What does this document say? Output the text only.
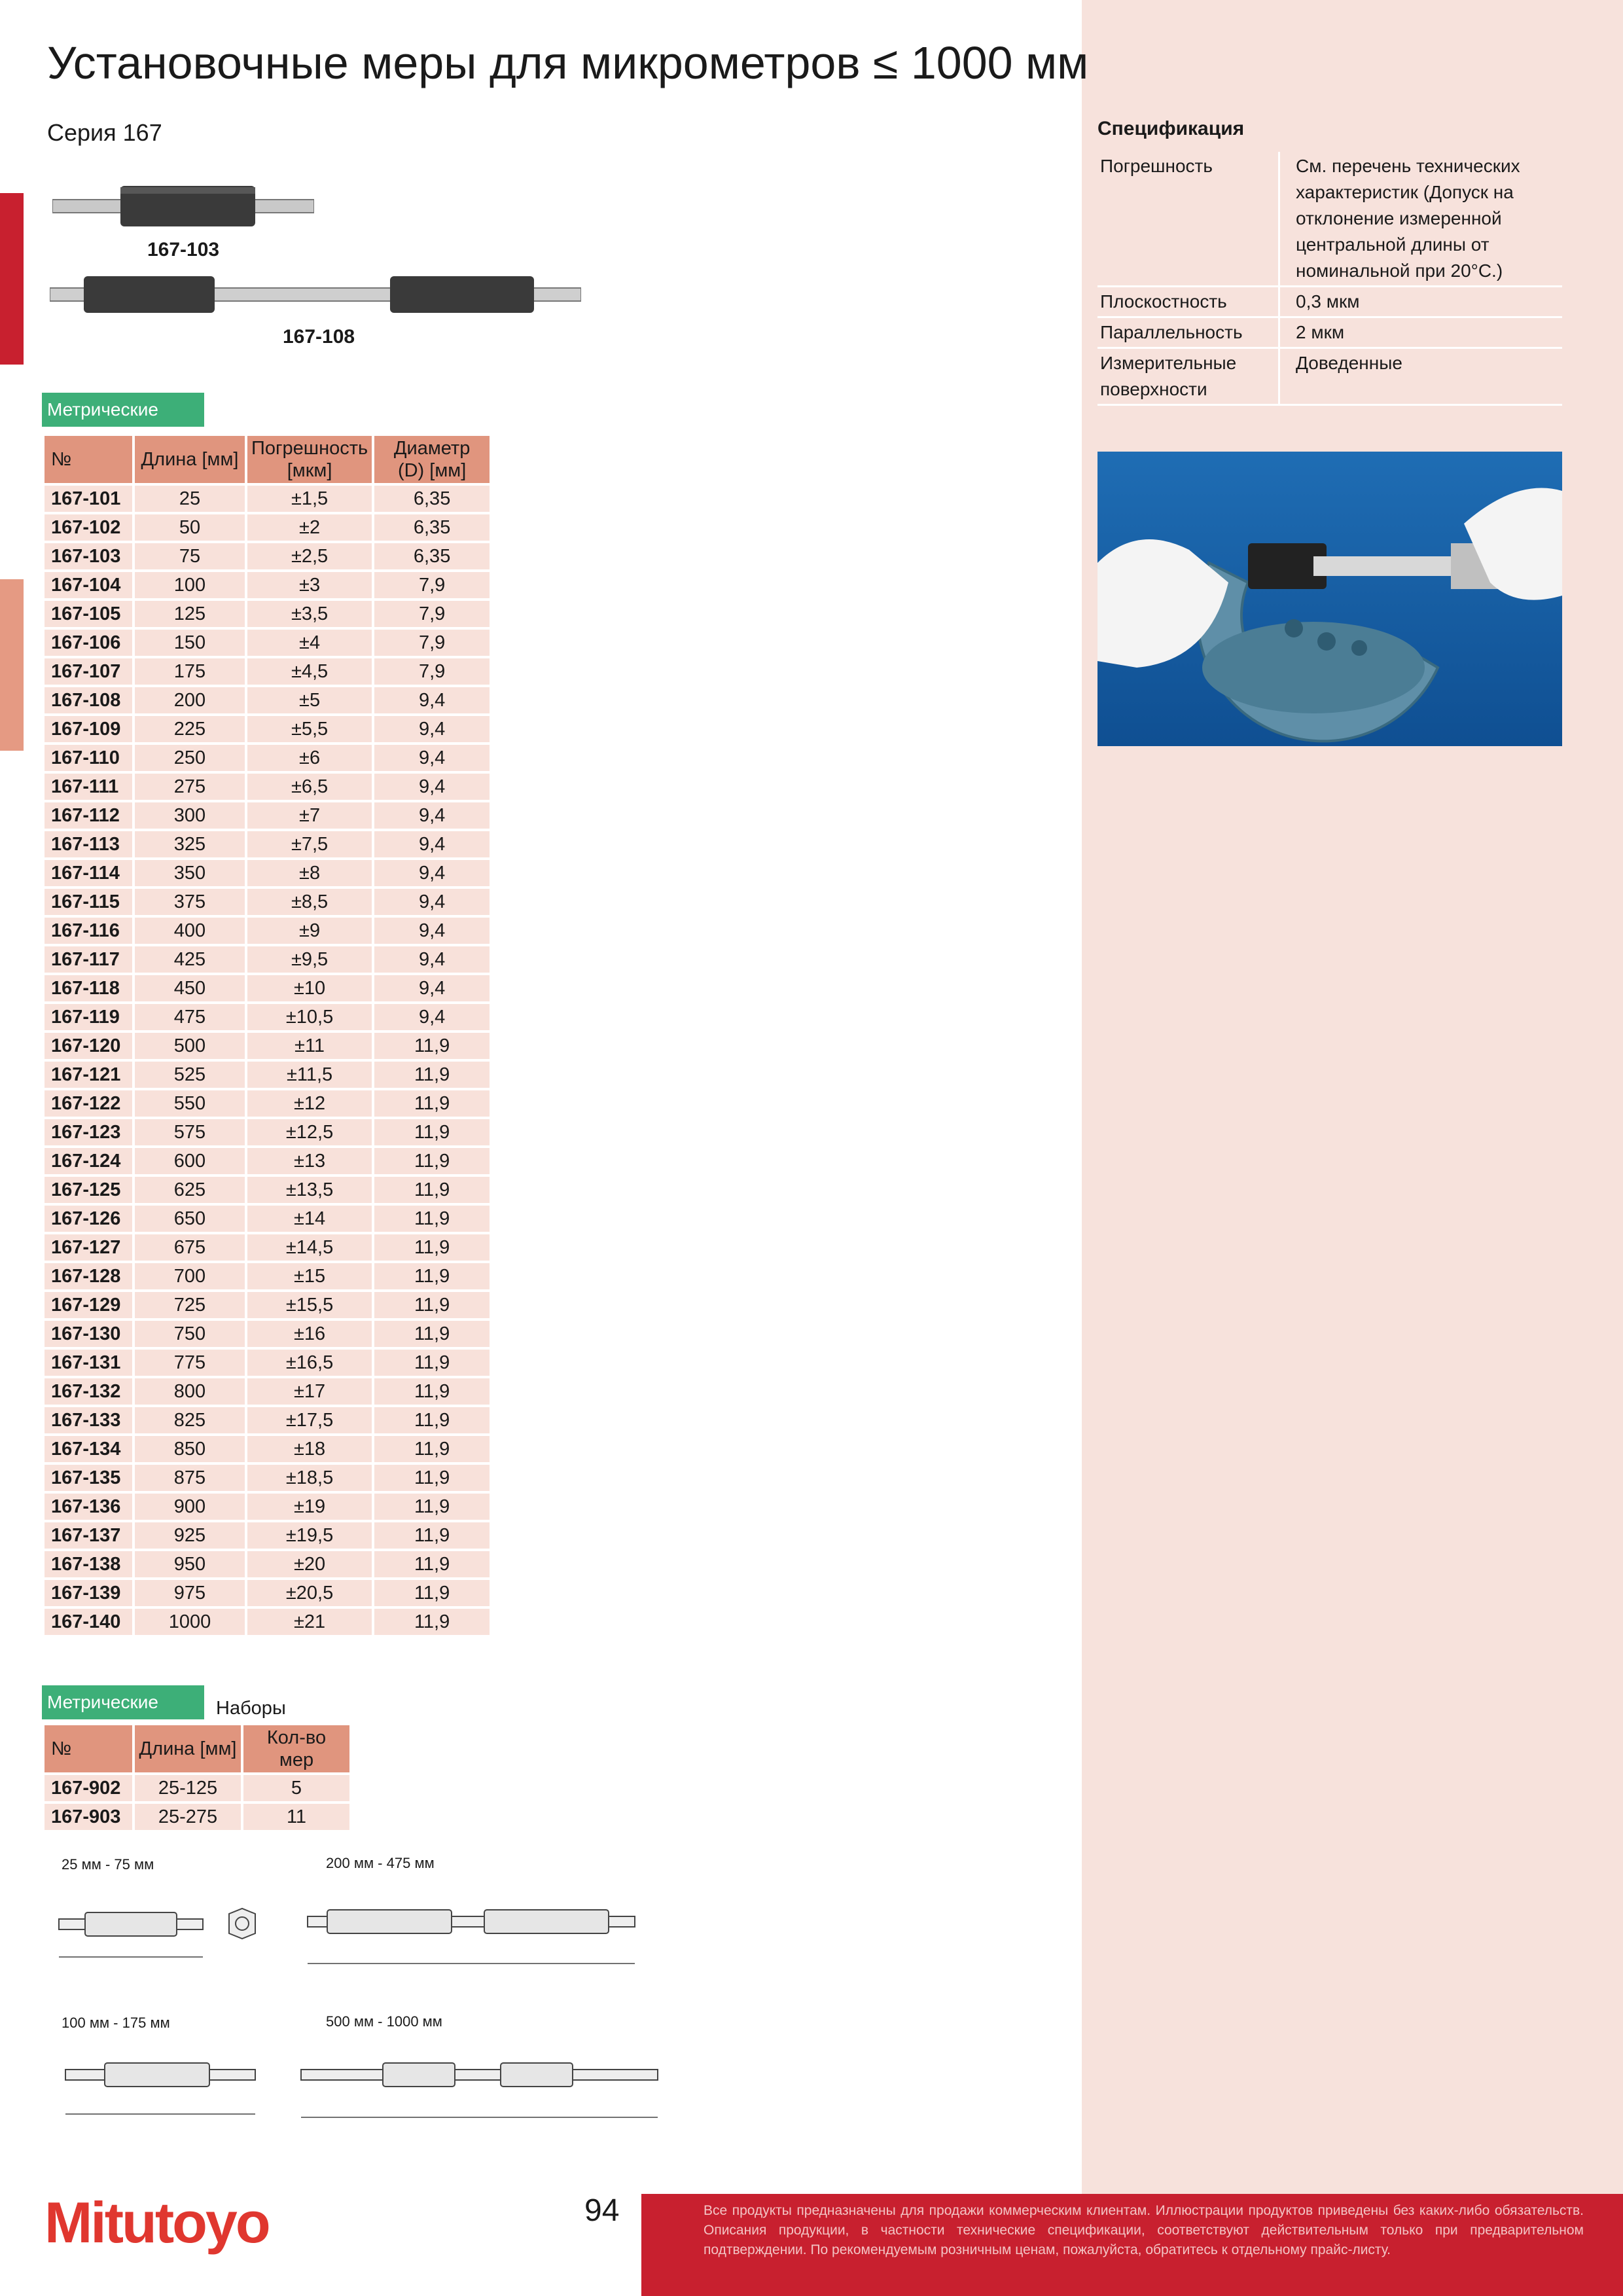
Установочные меры для микрометров ≤ 1000 мм
Серия 167
167-103
167-108
Метрические
№	Длина [мм]	Погрешность [мкм]	Диаметр (D) [мм]
167-101	25	±1,5	6,35
167-102	50	±2	6,35
167-103	75	±2,5	6,35
167-104	100	±3	7,9
167-105	125	±3,5	7,9
167-106	150	±4	7,9
167-107	175	±4,5	7,9
167-108	200	±5	9,4
167-109	225	±5,5	9,4
167-110	250	±6	9,4
167-111	275	±6,5	9,4
167-112	300	±7	9,4
167-113	325	±7,5	9,4
167-114	350	±8	9,4
167-115	375	±8,5	9,4
167-116	400	±9	9,4
167-117	425	±9,5	9,4
167-118	450	±10	9,4
167-119	475	±10,5	9,4
167-120	500	±11	11,9
167-121	525	±11,5	11,9
167-122	550	±12	11,9
167-123	575	±12,5	11,9
167-124	600	±13	11,9
167-125	625	±13,5	11,9
167-126	650	±14	11,9
167-127	675	±14,5	11,9
167-128	700	±15	11,9
167-129	725	±15,5	11,9
167-130	750	±16	11,9
167-131	775	±16,5	11,9
167-132	800	±17	11,9
167-133	825	±17,5	11,9
167-134	850	±18	11,9
167-135	875	±18,5	11,9
167-136	900	±19	11,9
167-137	925	±19,5	11,9
167-138	950	±20	11,9
167-139	975	±20,5	11,9
167-140	1000	±21	11,9
Метрические	Наборы
№	Длина [мм]	Кол-во мер
167-902	25-125	5
167-903	25-275	11
Спецификация
Погрешность	См. перечень технических характеристик (Допуск на отклонение измеренной центральной длины от номинальной при 20°C.)
Плоскостность	0,3 мкм
Параллельность	2 мкм
Измерительные поверхности	Доведенные
25 мм - 75 мм	200 мм - 475 мм
100 мм - 175 мм	500 мм - 1000 мм
Mitutoyo	94	Все продукты предназначены для продажи коммерческим клиентам. Иллюстрации продуктов приведены без каких-либо обязательств. Описания продукции, в частности технические спецификации, соответствуют действительным только при предварительном подтверждении. По рекомендуемым розничным ценам, пожалуйста, обратитесь к отдельному прайс-листу.
